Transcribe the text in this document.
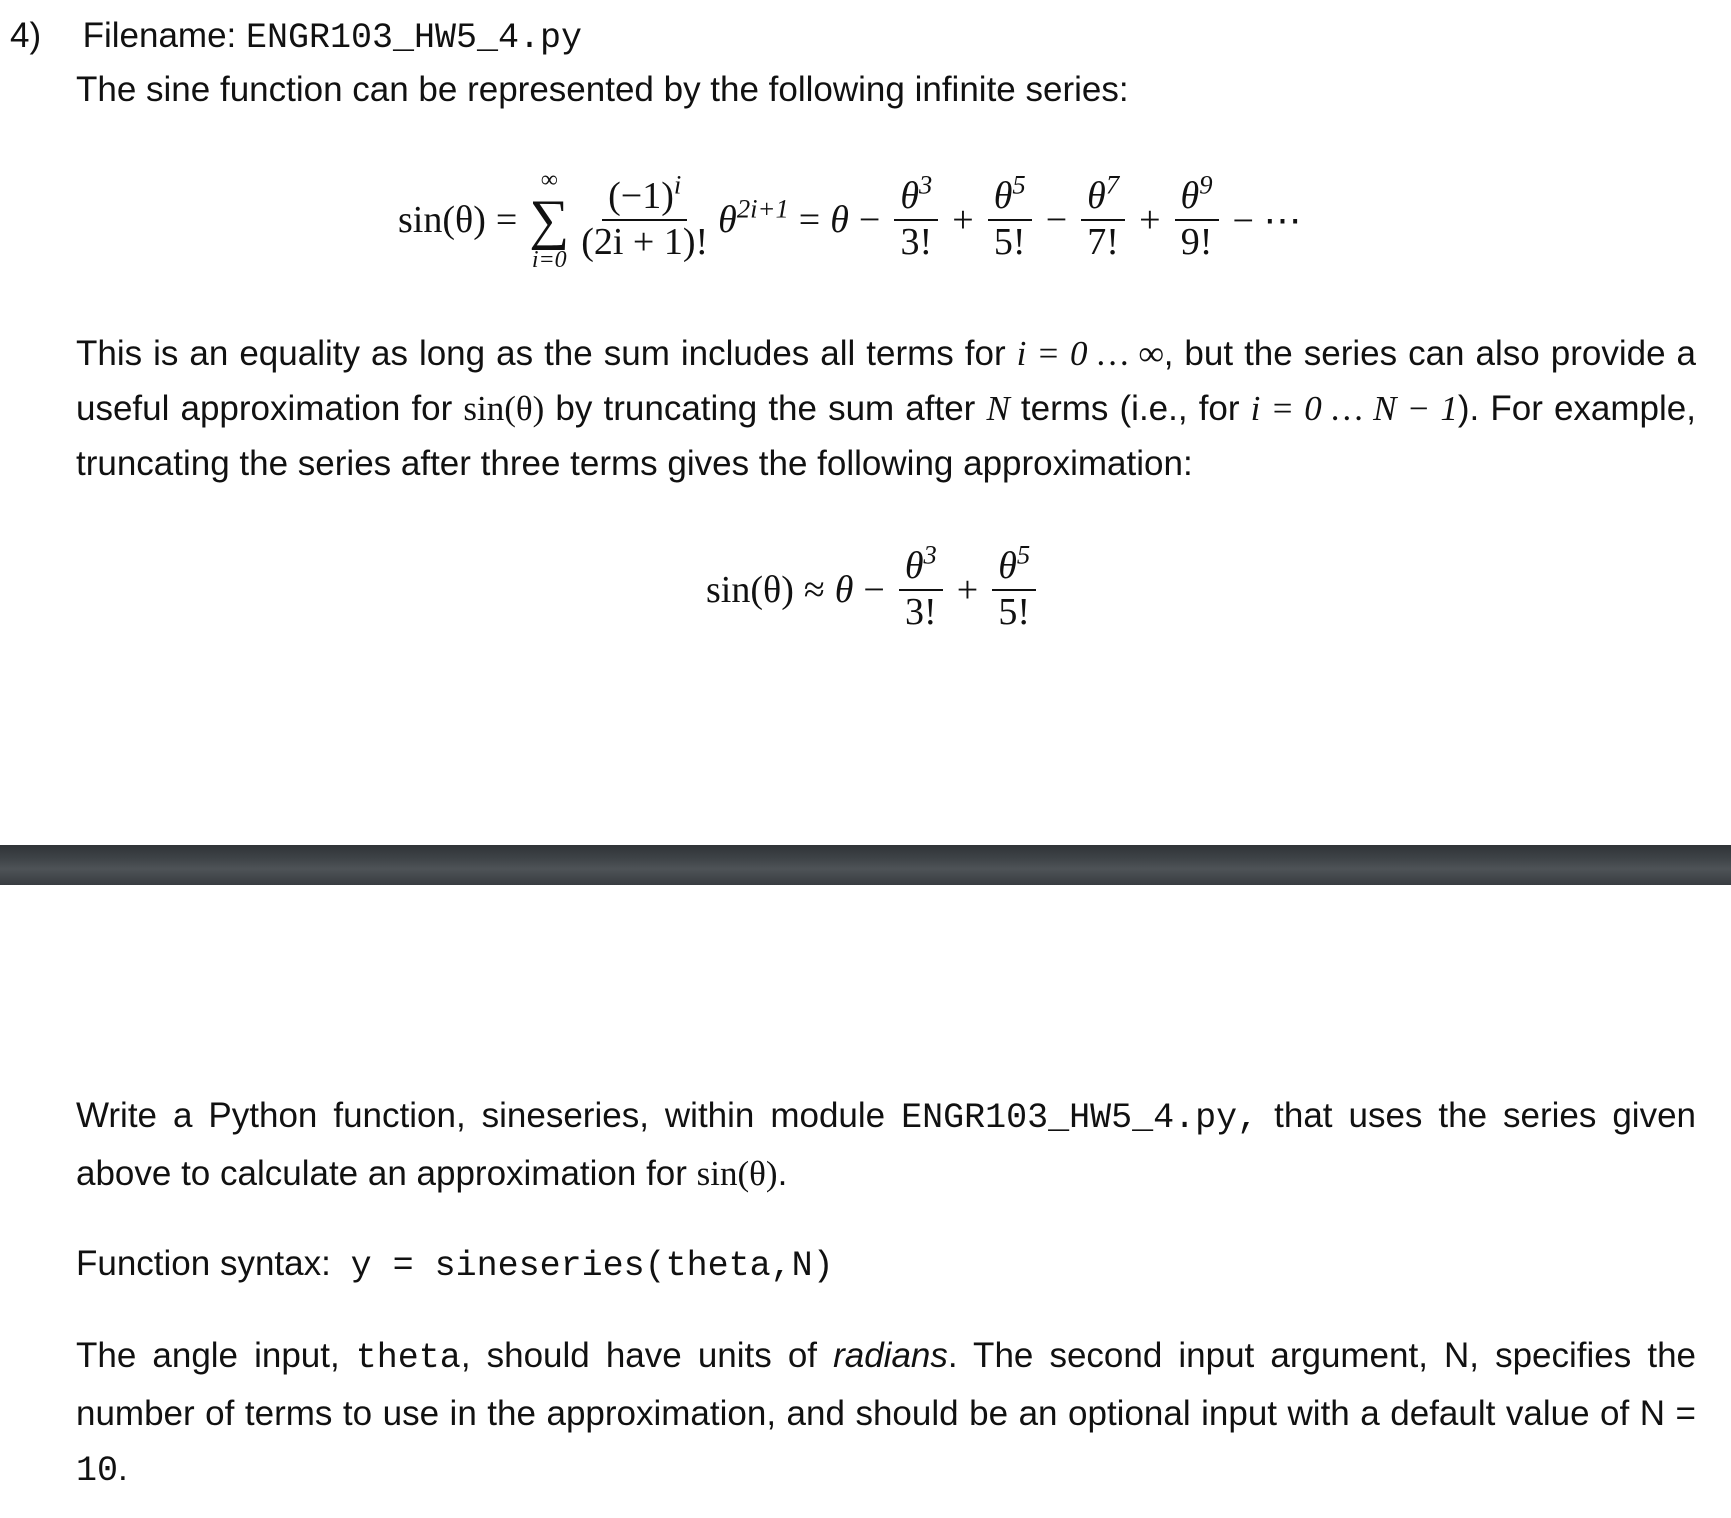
4) Filename: ENGR103_HW5_4.py
The sine function can be represented by the following infinite series:
sin(θ) =
∞
∑
$i=0 \frac{(-1)^i}{(2i + 1)!} \theta^{2i+1} = \theta - \frac{\theta^3}{3!} + \frac{\theta^5}{5!} - \frac{\theta^7}{7!} + \frac{\theta^9}{9!}$ − ⋯
This is an equality as long as the sum includes all terms for i = 0 … ∞, but the series can also provide a useful approximation for sin(θ) by truncating the sum after N terms (i.e., for i = 0 … N − 1). For example, truncating the series after three terms gives the following approximation:
$\sin(\theta) \approx \theta - \frac{\theta^3}{3!} + \frac{\theta^5}{5!}$
Write a Python function, sineseries, within module ENGR103_HW5_4.py, that uses the series given above to calculate an approximation for sin(θ).
Function syntax: y = sineseries(theta,N)
The angle input, theta, should have units of radians. The second input argument, N, specifies the number of terms to use in the approximation, and should be an optional input with a default value of N = 10.
